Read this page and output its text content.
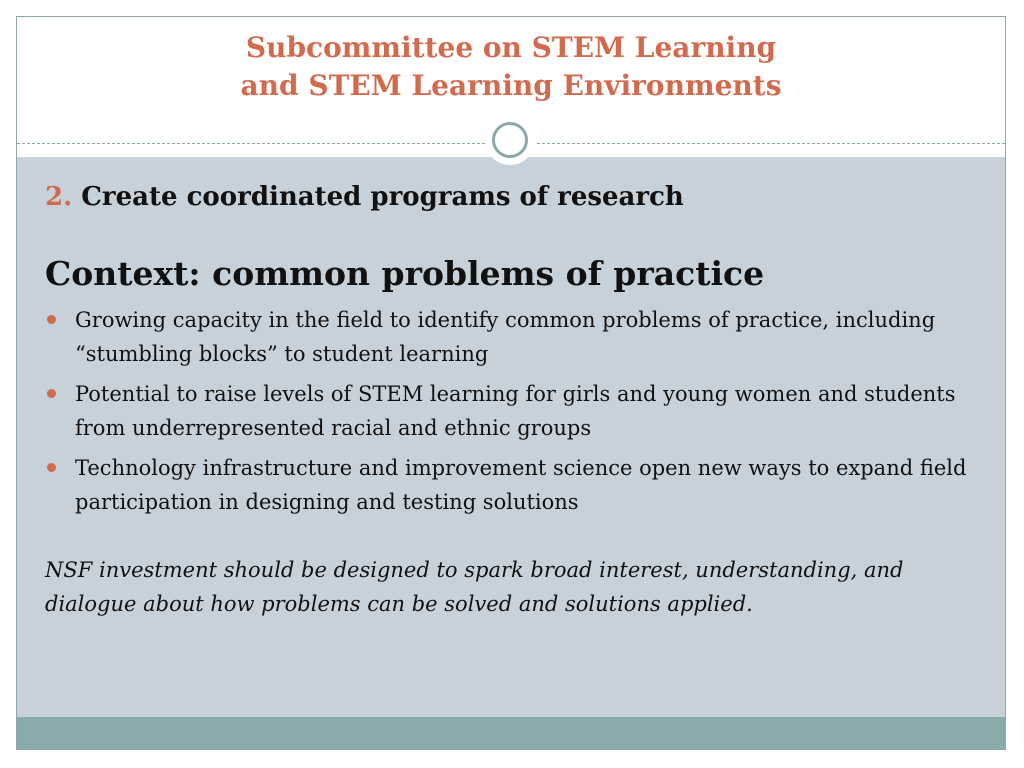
Subcommittee on STEM Learning
and STEM Learning Environments

2. Create coordinated programs of research

Context: common problems of practice

Growing capacity in the field to identify common problems of practice, including “stumbling blocks” to student learning
Potential to raise levels of STEM learning for girls and young women and students from underrepresented racial and ethnic groups
Technology infrastructure and improvement science open new ways to expand field participation in designing and testing solutions

NSF investment should be designed to spark broad interest, understanding, and dialogue about how problems can be solved and solutions applied.
